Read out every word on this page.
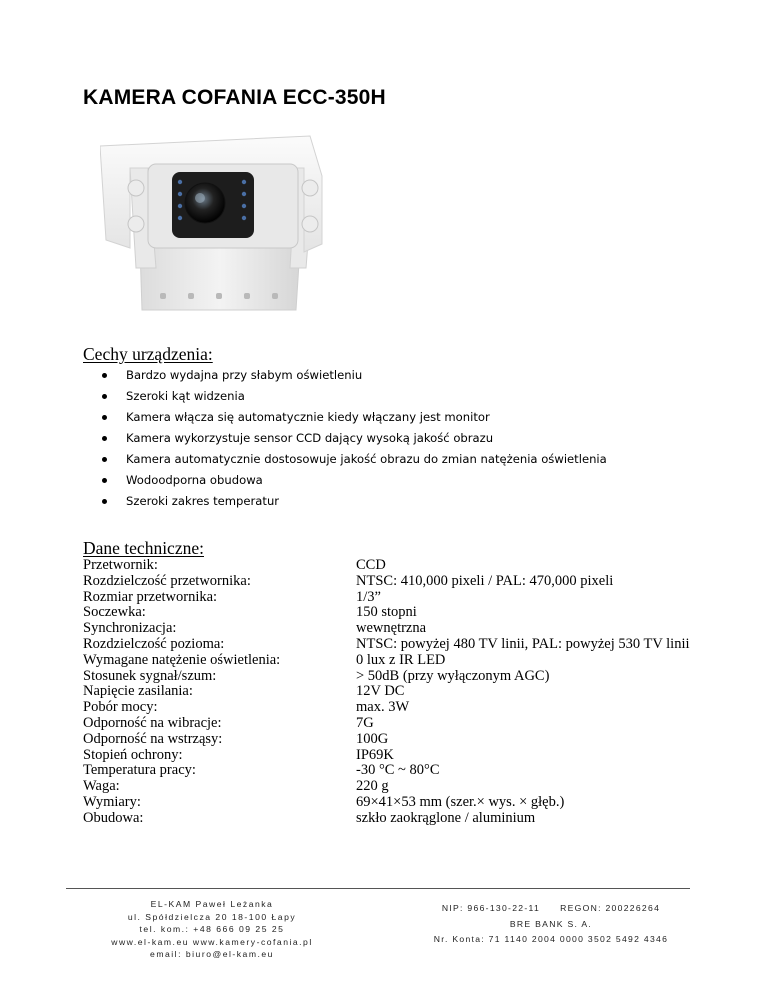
KAMERA COFANIA ECC-350H
Cechy urządzenia:
Bardzo wydajna przy słabym oświetleniu
Szeroki kąt widzenia
Kamera włącza się automatycznie kiedy włączany jest monitor
Kamera wykorzystuje sensor CCD dający wysoką jakość obrazu
Kamera automatycznie dostosowuje jakość obrazu do zmian natężenia oświetlenia
Wodoodporna obudowa
Szeroki zakres temperatur
Dane techniczne:
Przetwornik:	CCD
Rozdzielczość przetwornika:	NTSC: 410,000 pixeli / PAL: 470,000 pixeli
Rozmiar przetwornika:	1/3”
Soczewka:	150 stopni
Synchronizacja:	wewnętrzna
Rozdzielczość pozioma:	NTSC: powyżej 480 TV linii, PAL: powyżej 530 TV linii
Wymagane natężenie oświetlenia:	0 lux z IR LED
Stosunek sygnał/szum:	> 50dB (przy wyłączonym AGC)
Napięcie zasilania:	12V DC
Pobór mocy:	max. 3W
Odporność na wibracje:	7G
Odporność na wstrząsy:	100G
Stopień ochrony:	IP69K
Temperatura pracy:	-30 °C ~ 80°C
Waga:	220 g
Wymiary:	69×41×53 mm (szer.× wys. × głęb.)
Obudowa:	szkło zaokrąglone / aluminium
EL-KAM Paweł Leżanka
ul. Spółdzielcza 20 18-100 Łapy
tel. kom.: +48 666 09 25 25
www.el-kam.eu www.kamery-cofania.pl
email: biuro@el-kam.eu
NIP: 966-130-22-11 REGON: 200226264
BRE BANK S. A.
Nr. Konta: 71 1140 2004 0000 3502 5492 4346
